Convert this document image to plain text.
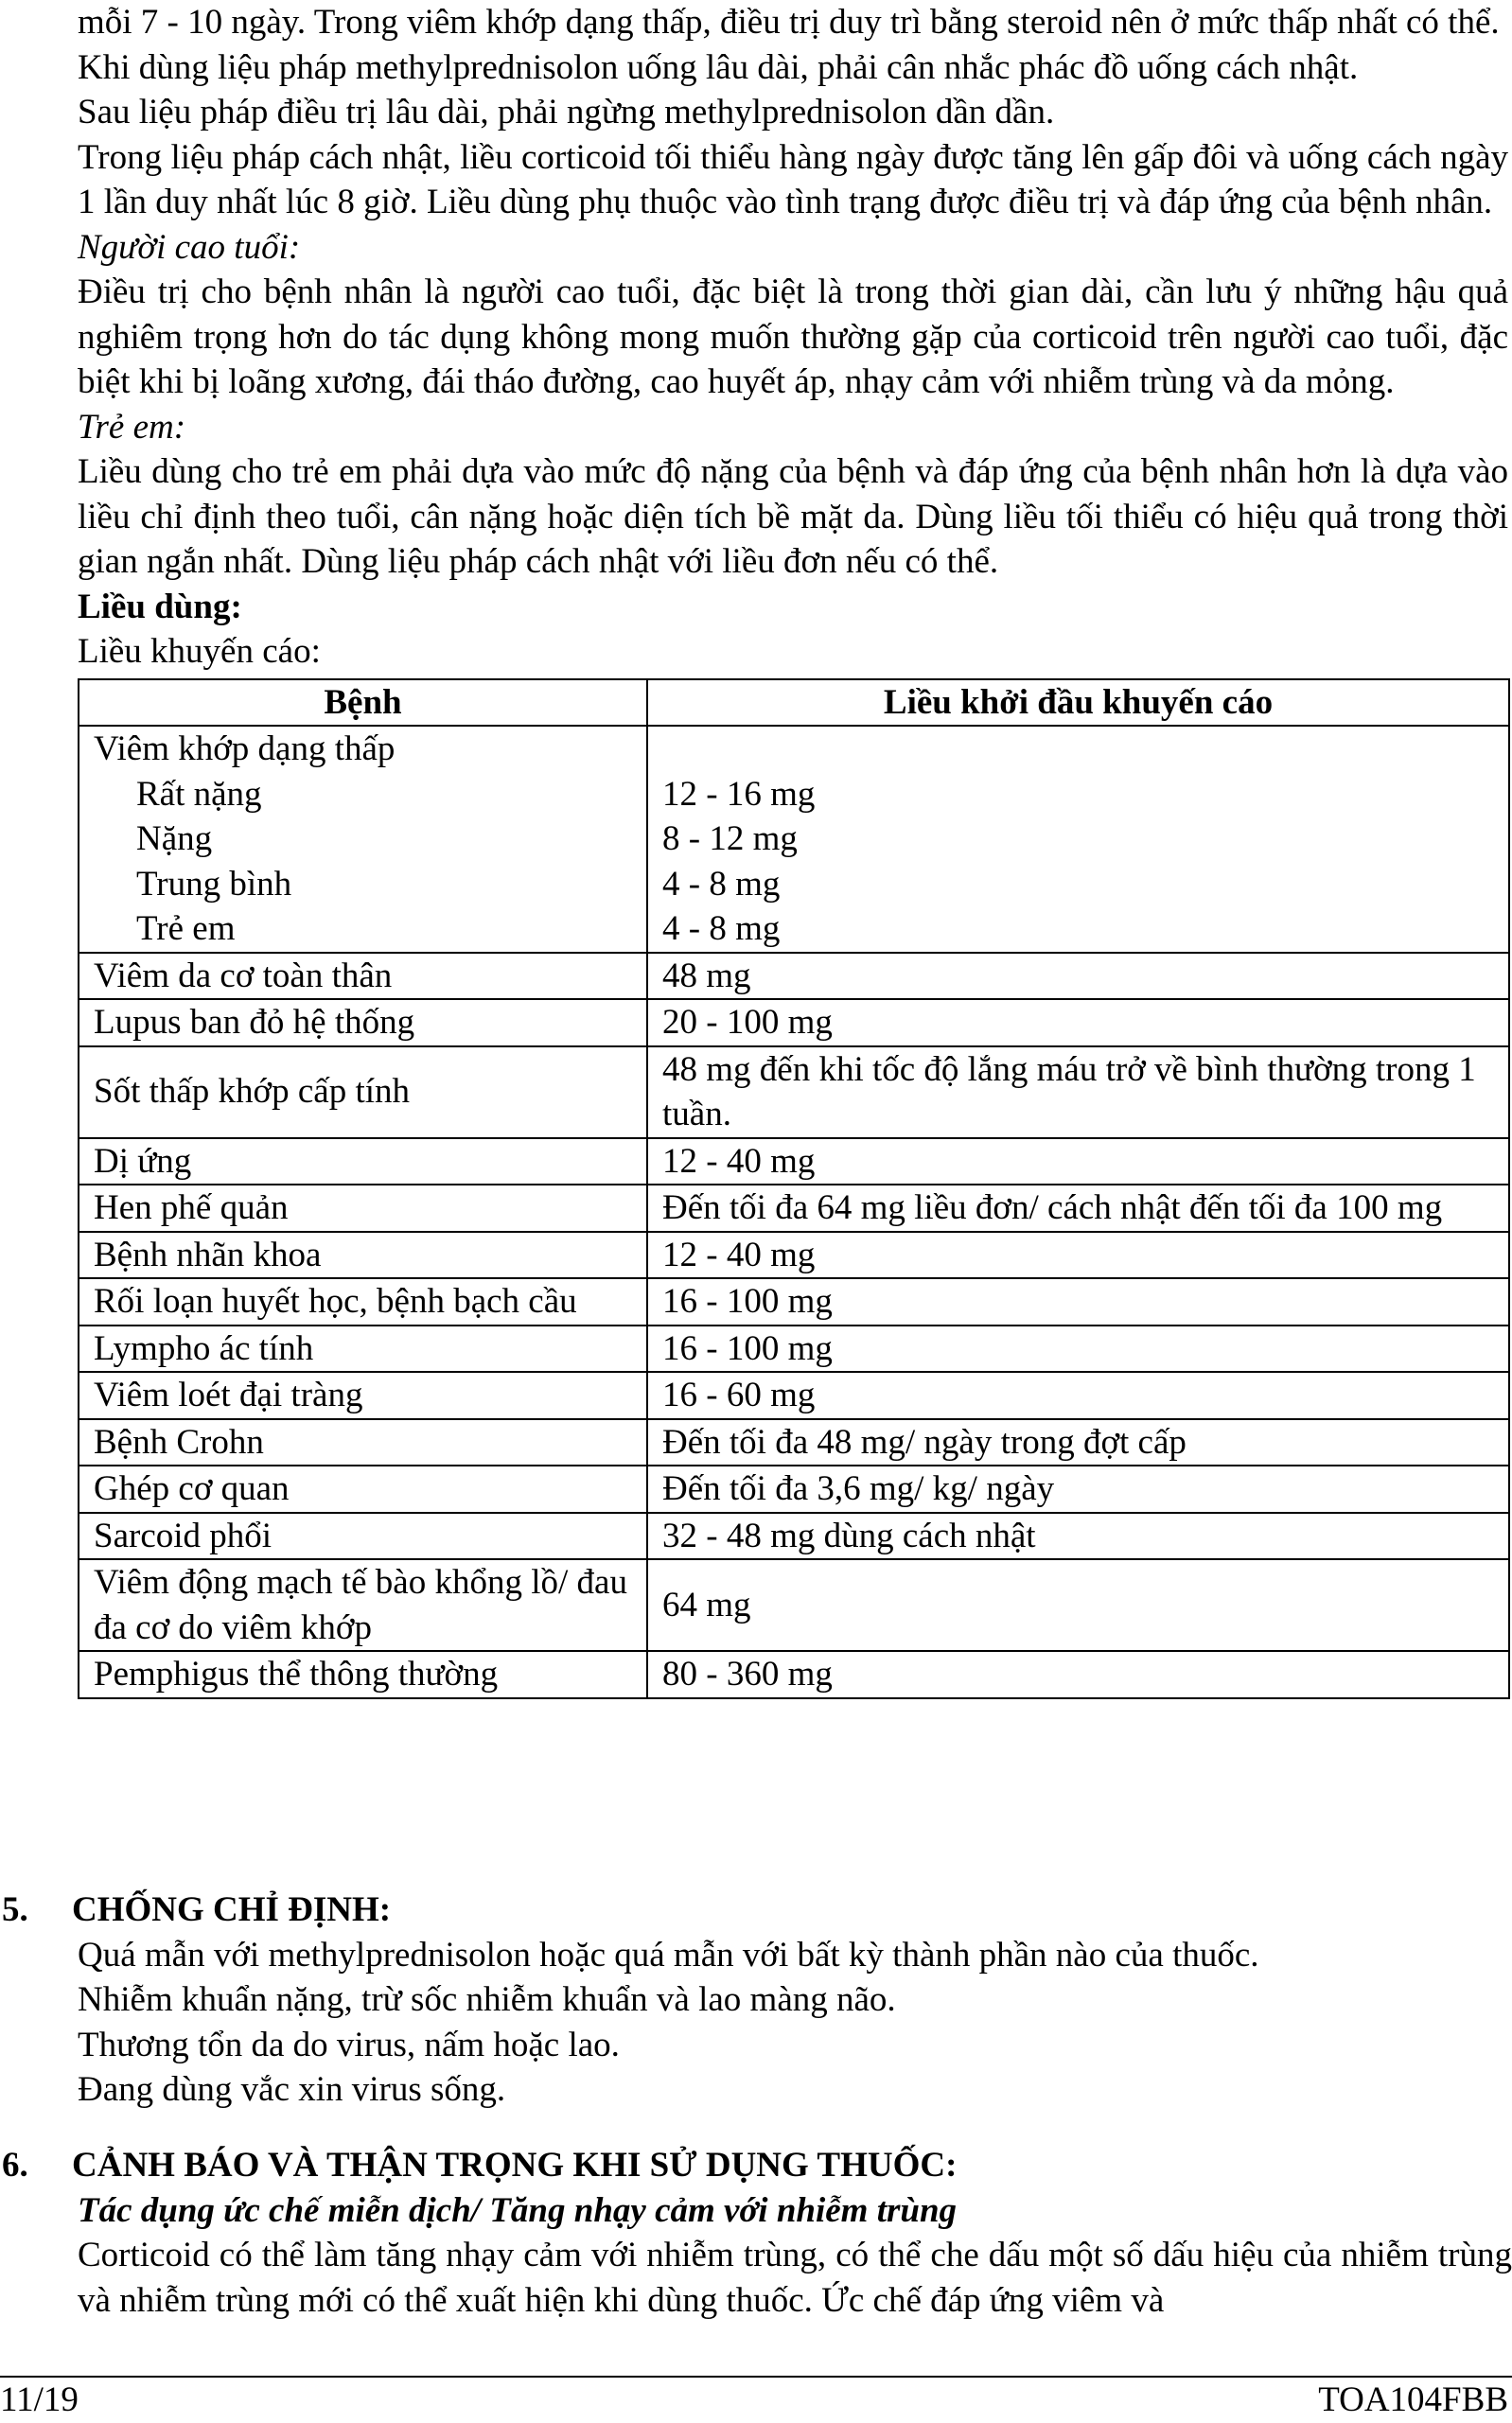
mỗi 7 - 10 ngày. Trong viêm khớp dạng thấp, điều trị duy trì bằng steroid nên ở mức thấp nhất có thể.

Khi dùng liệu pháp methylprednisolon uống lâu dài, phải cân nhắc phác đồ uống cách nhật.

Sau liệu pháp điều trị lâu dài, phải ngừng methylprednisolon dần dần.

Trong liệu pháp cách nhật, liều corticoid tối thiểu hàng ngày được tăng lên gấp đôi và uống cách ngày 1 lần duy nhất lúc 8 giờ. Liều dùng phụ thuộc vào tình trạng được điều trị và đáp ứng của bệnh nhân.

Người cao tuổi:

Điều trị cho bệnh nhân là người cao tuổi, đặc biệt là trong thời gian dài, cần lưu ý những hậu quả nghiêm trọng hơn do tác dụng không mong muốn thường gặp của corticoid trên người cao tuổi, đặc biệt khi bị loãng xương, đái tháo đường, cao huyết áp, nhạy cảm với nhiễm trùng và da mỏng.

Trẻ em:

Liều dùng cho trẻ em phải dựa vào mức độ nặng của bệnh và đáp ứng của bệnh nhân hơn là dựa vào liều chỉ định theo tuổi, cân nặng hoặc diện tích bề mặt da. Dùng liều tối thiểu có hiệu quả trong thời gian ngắn nhất. Dùng liệu pháp cách nhật với liều đơn nếu có thể.

Liều dùng:

Liều khuyến cáo:

Bệnh	Liều khởi đầu khuyến cáo
Viêm khớp dạng thấp	
Rất nặng	12 - 16 mg
Nặng	8 - 12 mg
Trung bình	4 - 8 mg
Trẻ em	4 - 8 mg
Viêm da cơ toàn thân	48 mg
Lupus ban đỏ hệ thống	20 - 100 mg
Sốt thấp khớp cấp tính	48 mg đến khi tốc độ lắng máu trở về bình thường trong 1 tuần.
Dị ứng	12 - 40 mg
Hen phế quản	Đến tối đa 64 mg liều đơn/ cách nhật đến tối đa 100 mg
Bệnh nhãn khoa	12 - 40 mg
Rối loạn huyết học, bệnh bạch cầu	16 - 100 mg
Lympho ác tính	16 - 100 mg
Viêm loét đại tràng	16 - 60 mg
Bệnh Crohn	Đến tối đa 48 mg/ ngày trong đợt cấp
Ghép cơ quan	Đến tối đa 3,6 mg/ kg/ ngày
Sarcoid phổi	32 - 48 mg dùng cách nhật
Viêm động mạch tế bào khổng lồ/ đau đa cơ do viêm khớp	64 mg
Pemphigus thể thông thường	80 - 360 mg
5. CHỐNG CHỈ ĐỊNH:

Quá mẫn với methylprednisolon hoặc quá mẫn với bất kỳ thành phần nào của thuốc.

Nhiễm khuẩn nặng, trừ sốc nhiễm khuẩn và lao màng não.

Thương tổn da do virus, nấm hoặc lao.

Đang dùng vắc xin virus sống.

6. CẢNH BÁO VÀ THẬN TRỌNG KHI SỬ DỤNG THUỐC:

Tác dụng ức chế miễn dịch/ Tăng nhạy cảm với nhiễm trùng

Corticoid có thể làm tăng nhạy cảm với nhiễm trùng, có thể che dấu một số dấu hiệu của nhiễm trùng và nhiễm trùng mới có thể xuất hiện khi dùng thuốc. Ức chế đáp ứng viêm và

11/19	TOA104FBB
